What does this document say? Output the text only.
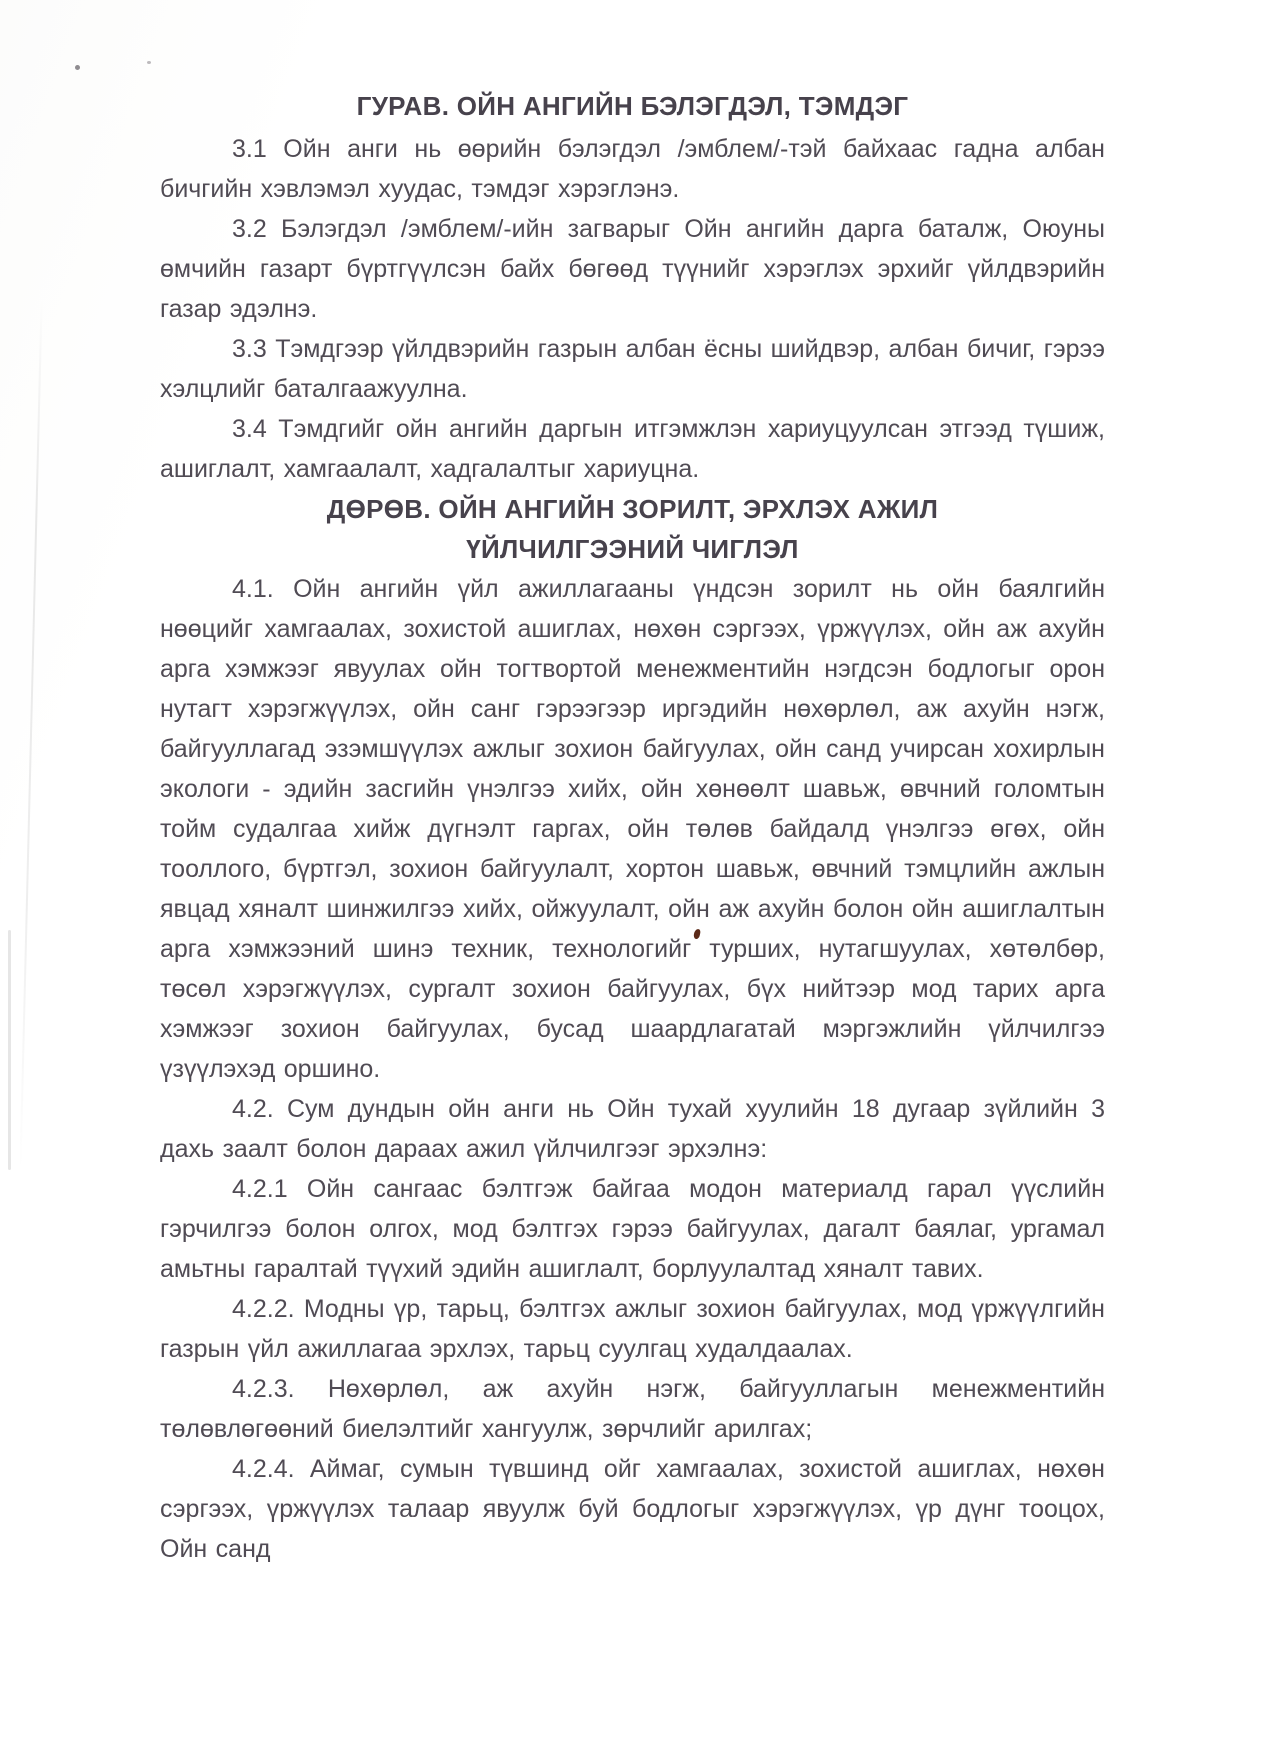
ГУРАВ. ОЙН АНГИЙН БЭЛЭГДЭЛ, ТЭМДЭГ

3.1 Ойн анги нь өөрийн бэлэгдэл /эмблем/-тэй байхаас гадна албан бичгийн хэвлэмэл хуудас, тэмдэг хэрэглэнэ.

3.2 Бэлэгдэл /эмблем/-ийн загварыг Ойн ангийн дарга баталж, Оюуны өмчийн газарт бүртгүүлсэн байх бөгөөд түүнийг хэрэглэх эрхийг үйлдвэрийн газар эдэлнэ.

3.3 Тэмдгээр үйлдвэрийн газрын албан ёсны шийдвэр, албан бичиг, гэрээ хэлцлийг баталгаажуулна.

3.4 Тэмдгийг ойн ангийн даргын итгэмжлэн хариуцуулсан этгээд түшиж, ашиглалт, хамгаалалт, хадгалалтыг хариуцна.

ДӨРӨВ. ОЙН АНГИЙН ЗОРИЛТ, ЭРХЛЭХ АЖИЛ
ҮЙЛЧИЛГЭЭНИЙ ЧИГЛЭЛ

4.1. Ойн ангийн үйл ажиллагааны үндсэн зорилт нь ойн баялгийн нөөцийг хамгаалах, зохистой ашиглах, нөхөн сэргээх, үржүүлэх, ойн аж ахуйн арга хэмжээг явуулах ойн тогтвортой менежментийн нэгдсэн бодлогыг орон нутагт хэрэгжүүлэх, ойн санг гэрээгээр иргэдийн нөхөрлөл, аж ахуйн нэгж, байгууллагад эзэмшүүлэх ажлыг зохион байгуулах, ойн санд учирсан хохирлын экологи - эдийн засгийн үнэлгээ хийх, ойн хөнөөлт шавьж, өвчний голомтын тойм судалгаа хийж дүгнэлт гаргах, ойн төлөв байдалд үнэлгээ өгөх, ойн тооллого, бүртгэл, зохион байгуулалт, хортон шавьж, өвчний тэмцлийн ажлын явцад хяналт шинжилгээ хийх, ойжуулалт, ойн аж ахуйн болон ойн ашиглалтын арга хэмжээний шинэ техник, технологийг турших, нутагшуулах, хөтөлбөр, төсөл хэрэгжүүлэх, сургалт зохион байгуулах, бүх нийтээр мод тарих арга хэмжээг зохион байгуулах, бусад шаардлагатай мэргэжлийн үйлчилгээ үзүүлэхэд оршино.

4.2. Сум дундын ойн анги нь Ойн тухай хуулийн 18 дугаар зүйлийн 3 дахь заалт болон дараах ажил үйлчилгээг эрхэлнэ:

4.2.1 Ойн сангаас бэлтгэж байгаа модон материалд гарал үүслийн гэрчилгээ болон олгох, мод бэлтгэх гэрээ байгуулах, дагалт баялаг, ургамал амьтны гаралтай түүхий эдийн ашиглалт, борлуулалтад хяналт тавих.

4.2.2. Модны үр, тарьц, бэлтгэх ажлыг зохион байгуулах, мод үржүүлгийн газрын үйл ажиллагаа эрхлэх, тарьц суулгац худалдаалах.

4.2.3. Нөхөрлөл, аж ахуйн нэгж, байгууллагын менежментийн төлөвлөгөөний биелэлтийг хангуулж, зөрчлийг арилгах;

4.2.4. Аймаг, сумын түвшинд ойг хамгаалах, зохистой ашиглах, нөхөн сэргээх, үржүүлэх талаар явуулж буй бодлогыг хэрэгжүүлэх, үр дүнг тооцох, Ойн санд
